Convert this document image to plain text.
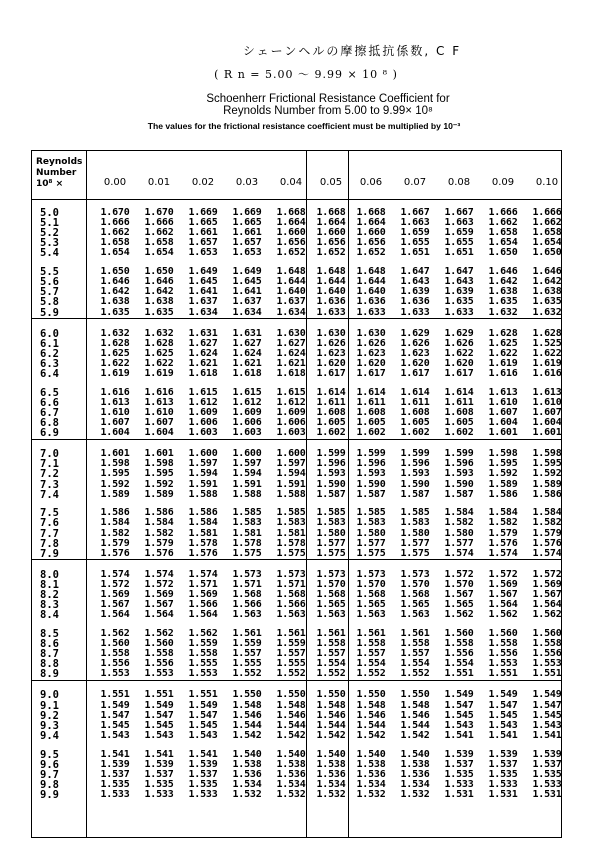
シェーンヘルの摩擦抵抗係数, C F
( R n = 5.00 ～ 9.99 × 10 ⁸ )
Schoenherr Frictional Resistance Coefficient for
Reynolds Number from 5.00 to 9.99× 10⁸
The values for the frictional resistance coefficient must be multiplied by 10⁻³
Reynolds
Number
10⁸ ×	0.00	0.01	0.02	0.03	0.04	0.05	0.06	0.07	0.08	0.09	0.10
5.0	1.670	1.670	1.669	1.669	1.668	1.668	1.668	1.667	1.667	1.666	1.666
5.1	1.666	1.666	1.665	1.665	1.664	1.664	1.664	1.663	1.663	1.662	1.662
5.2	1.662	1.662	1.661	1.661	1.660	1.660	1.660	1.659	1.659	1.658	1.658
5.3	1.658	1.658	1.657	1.657	1.656	1.656	1.656	1.655	1.655	1.654	1.654
5.4	1.654	1.654	1.653	1.653	1.652	1.652	1.652	1.651	1.651	1.650	1.650
5.5	1.650	1.650	1.649	1.649	1.648	1.648	1.648	1.647	1.647	1.646	1.646
5.6	1.646	1.646	1.645	1.645	1.644	1.644	1.644	1.643	1.643	1.642	1.642
5.7	1.642	1.642	1.641	1.641	1.640	1.640	1.640	1.639	1.639	1.638	1.638
5.8	1.638	1.638	1.637	1.637	1.637	1.636	1.636	1.636	1.635	1.635	1.635
5.9	1.635	1.635	1.634	1.634	1.634	1.633	1.633	1.633	1.633	1.632	1.632
6.0	1.632	1.632	1.631	1.631	1.630	1.630	1.630	1.629	1.629	1.628	1.628
6.1	1.628	1.628	1.627	1.627	1.627	1.626	1.626	1.626	1.626	1.625	1.525
6.2	1.625	1.625	1.624	1.624	1.624	1.623	1.623	1.623	1.622	1.622	1.622
6.3	1.622	1.622	1.621	1.621	1.621	1.620	1.620	1.620	1.620	1.619	1.619
6.4	1.619	1.619	1.618	1.618	1.618	1.617	1.617	1.617	1.617	1.616	1.616
6.5	1.616	1.616	1.615	1.615	1.615	1.614	1.614	1.614	1.614	1.613	1.613
6.6	1.613	1.613	1.612	1.612	1.612	1.611	1.611	1.611	1.611	1.610	1.610
6.7	1.610	1.610	1.609	1.609	1.609	1.608	1.608	1.608	1.608	1.607	1.607
6.8	1.607	1.607	1.606	1.606	1.606	1.605	1.605	1.605	1.605	1.604	1.604
6.9	1.604	1.604	1.603	1.603	1.603	1.602	1.602	1.602	1.602	1.601	1.601
7.0	1.601	1.601	1.600	1.600	1.600	1.599	1.599	1.599	1.599	1.598	1.598
7.1	1.598	1.598	1.597	1.597	1.597	1.596	1.596	1.596	1.596	1.595	1.595
7.2	1.595	1.595	1.594	1.594	1.594	1.593	1.593	1.593	1.593	1.592	1.592
7.3	1.592	1.592	1.591	1.591	1.591	1.590	1.590	1.590	1.590	1.589	1.589
7.4	1.589	1.589	1.588	1.588	1.588	1.587	1.587	1.587	1.587	1.586	1.586
7.5	1.586	1.586	1.586	1.585	1.585	1.585	1.585	1.585	1.584	1.584	1.584
7.6	1.584	1.584	1.584	1.583	1.583	1.583	1.583	1.583	1.582	1.582	1.582
7.7	1.582	1.582	1.581	1.581	1.581	1.580	1.580	1.580	1.580	1.579	1.579
7.8	1.579	1.579	1.578	1.578	1.578	1.577	1.577	1.577	1.577	1.576	1.576
7.9	1.576	1.576	1.576	1.575	1.575	1.575	1.575	1.575	1.574	1.574	1.574
8.0	1.574	1.574	1.574	1.573	1.573	1.573	1.573	1.573	1.572	1.572	1.572
8.1	1.572	1.572	1.571	1.571	1.571	1.570	1.570	1.570	1.570	1.569	1.569
8.2	1.569	1.569	1.569	1.568	1.568	1.568	1.568	1.568	1.567	1.567	1.567
8.3	1.567	1.567	1.566	1.566	1.566	1.565	1.565	1.565	1.565	1.564	1.564
8.4	1.564	1.564	1.564	1.563	1.563	1.563	1.563	1.563	1.562	1.562	1.562
8.5	1.562	1.562	1.562	1.561	1.561	1.561	1.561	1.561	1.560	1.560	1.560
8.6	1.560	1.560	1.559	1.559	1.559	1.558	1.558	1.558	1.558	1.558	1.558
8.7	1.558	1.558	1.558	1.557	1.557	1.557	1.557	1.557	1.556	1.556	1.556
8.8	1.556	1.556	1.555	1.555	1.555	1.554	1.554	1.554	1.554	1.553	1.553
8.9	1.553	1.553	1.553	1.552	1.552	1.552	1.552	1.552	1.551	1.551	1.551
9.0	1.551	1.551	1.551	1.550	1.550	1.550	1.550	1.550	1.549	1.549	1.549
9.1	1.549	1.549	1.549	1.548	1.548	1.548	1.548	1.548	1.547	1.547	1.547
9.2	1.547	1.547	1.547	1.546	1.546	1.546	1.546	1.546	1.545	1.545	1.545
9.3	1.545	1.545	1.545	1.544	1.544	1.544	1.544	1.544	1.543	1.543	1.543
9.4	1.543	1.543	1.543	1.542	1.542	1.542	1.542	1.542	1.541	1.541	1.541
9.5	1.541	1.541	1.541	1.540	1.540	1.540	1.540	1.540	1.539	1.539	1.539
9.6	1.539	1.539	1.539	1.538	1.538	1.538	1.538	1.538	1.537	1.537	1.537
9.7	1.537	1.537	1.537	1.536	1.536	1.536	1.536	1.536	1.535	1.535	1.535
9.8	1.535	1.535	1.535	1.534	1.534	1.534	1.534	1.534	1.533	1.533	1.533
9.9	1.533	1.533	1.533	1.532	1.532	1.532	1.532	1.532	1.531	1.531	1.531
